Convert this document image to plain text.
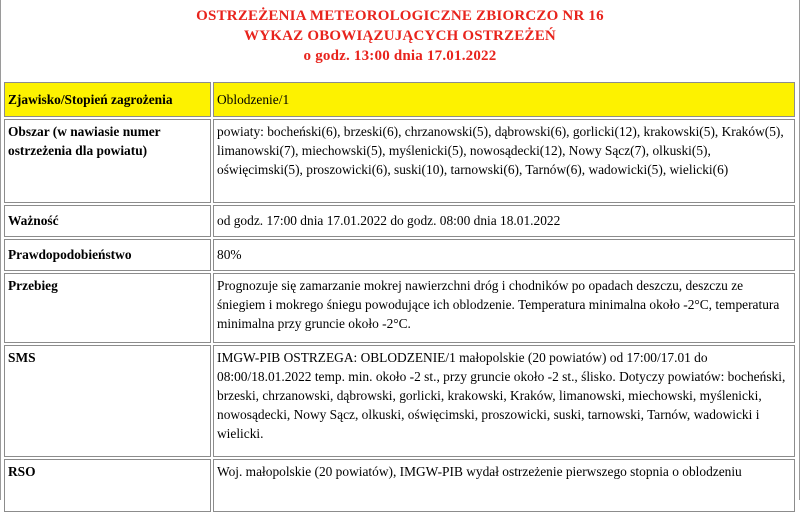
OSTRZEŻENIA METEOROLOGICZNE ZBIORCZO NR 16
WYKAZ OBOWIĄZUJĄCYCH OSTRZEŻEŃ
o godz. 13:00 dnia 17.01.2022
Zjawisko/Stopień zagrożenia	Oblodzenie/1
Obszar (w nawiasie numer ostrzeżenia dla powiatu)	powiaty: bocheński(6), brzeski(6), chrzanowski(5), dąbrowski(6), gorlicki(12), krakowski(5), Kraków(5), limanowski(7), miechowski(5), myślenicki(5), nowosądecki(12), Nowy Sącz(7), olkuski(5), oświęcimski(5), proszowicki(6), suski(10), tarnowski(6), Tarnów(6), wadowicki(5), wielicki(6)
Ważność	od godz. 17:00 dnia 17.01.2022 do godz. 08:00 dnia 18.01.2022
Prawdopodobieństwo	80%
Przebieg	Prognozuje się zamarzanie mokrej nawierzchni dróg i chodników po opadach deszczu, deszczu ze śniegiem i mokrego śniegu powodujące ich oblodzenie. Temperatura minimalna około -2°C, temperatura minimalna przy gruncie około -2°C.
SMS	IMGW-PIB OSTRZEGA: OBLODZENIE/1 małopolskie (20 powiatów) od 17:00/17.01 do 08:00/18.01.2022 temp. min. około -2 st., przy gruncie około -2 st., ślisko. Dotyczy powiatów: bocheński, brzeski, chrzanowski, dąbrowski, gorlicki, krakowski, Kraków, limanowski, miechowski, myślenicki, nowosądecki, Nowy Sącz, olkuski, oświęcimski, proszowicki, suski, tarnowski, Tarnów, wadowicki i wielicki.
RSO	Woj. małopolskie (20 powiatów), IMGW-PIB wydał ostrzeżenie pierwszego stopnia o oblodzeniu
